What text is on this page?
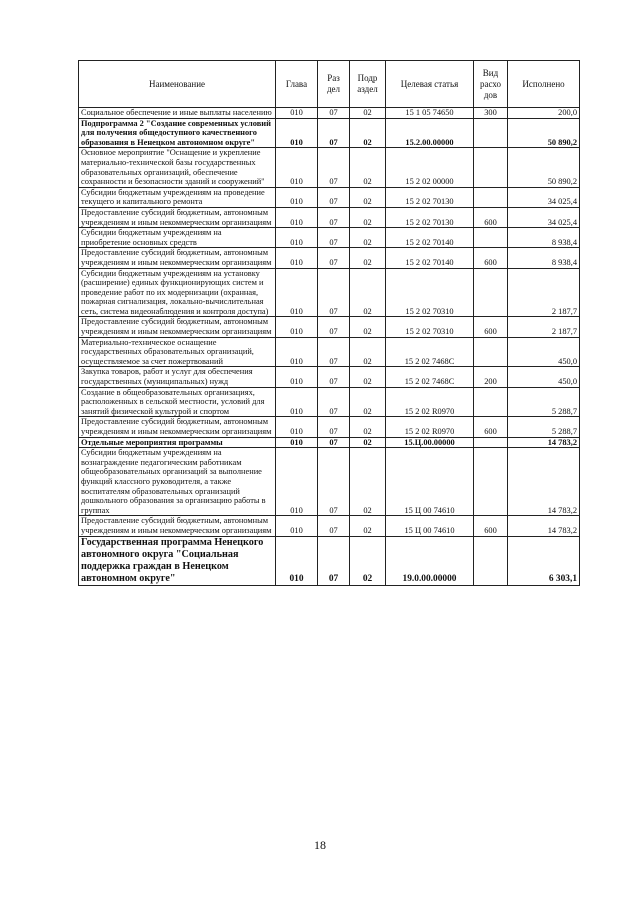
Наименование	Глава	Раз дел	Подр аздел	Целевая статья	Вид расхо дов	Исполнено
Социальное обеспечение и иные выплаты населению	010	07	02	15 1 05 74650	300	200,0
Подпрограмма 2 "Создание современных условий для получения общедоступного качественного образования в Ненецком автономном округе"	010	07	02	15.2.00.00000		50 890,2
Основное мероприятие "Оснащение и укрепление материально-технической базы государственных образовательных организаций, обеспечение сохранности и безопасности зданий и сооружений"	010	07	02	15 2 02 00000		50 890,2
Субсидии бюджетным учреждениям на проведение текущего и капитального ремонта	010	07	02	15 2 02 70130		34 025,4
Предоставление субсидий бюджетным, автономным учреждениям и иным некоммерческим организациям	010	07	02	15 2 02 70130	600	34 025,4
Субсидии бюджетным учреждениям на приобретение основных средств	010	07	02	15 2 02 70140		8 938,4
Предоставление субсидий бюджетным, автономным учреждениям и иным некоммерческим организациям	010	07	02	15 2 02 70140	600	8 938,4
Субсидии бюджетным учреждениям на установку (расширение) единых функционирующих систем и проведение работ по их модернизации (охранная, пожарная сигнализация, локально-вычислительная сеть, система видеонаблюдения и контроля доступа)	010	07	02	15 2 02 70310		2 187,7
Предоставление субсидий бюджетным, автономным учреждениям и иным некоммерческим организациям	010	07	02	15 2 02 70310	600	2 187,7
Материально-техническое оснащение государственных образовательных организаций, осуществляемое за счет пожертвований	010	07	02	15 2 02 7468С		450,0
Закупка товаров, работ и услуг для обеспечения государственных (муниципальных) нужд	010	07	02	15 2 02 7468С	200	450,0
Создание в общеобразовательных организациях, расположенных в сельской местности, условий для занятий физической культурой и спортом	010	07	02	15 2 02 R0970		5 288,7
Предоставление субсидий бюджетным, автономным учреждениям и иным некоммерческим организациям	010	07	02	15 2 02 R0970	600	5 288,7
Отдельные мероприятия программы	010	07	02	15.Ц.00.00000		14 783,2
Субсидии бюджетным учреждениям на вознаграждение педагогическим работникам общеобразовательных организаций за выполнение функций классного руководителя, а также воспитателям образовательных организаций дошкольного образования за организацию работы в группах	010	07	02	15 Ц 00 74610		14 783,2
Предоставление субсидий бюджетным, автономным учреждениям и иным некоммерческим организациям	010	07	02	15 Ц 00 74610	600	14 783,2
Государственная программа Ненецкого автономного округа "Социальная поддержка граждан в Ненецком автономном округе"	010	07	02	19.0.00.00000		6 303,1
18
